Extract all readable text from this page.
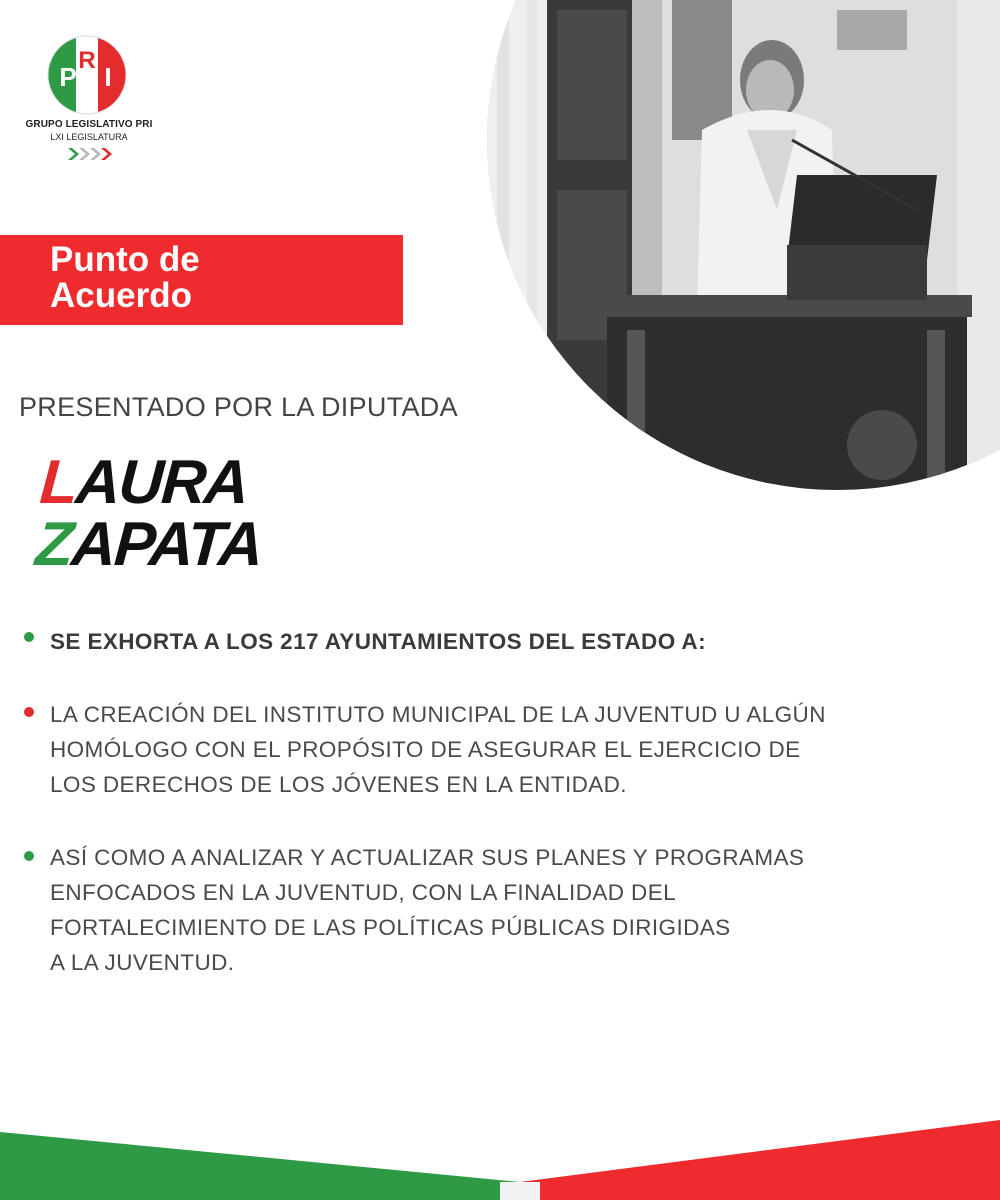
P
R
I
GRUPO LEGISLATIVO PRI
LXI LEGISLATURA
Punto de
Acuerdo
PRESENTADO POR LA DIPUTADA
LAURA
ZAPATA
SE EXHORTA A LOS 217 AYUNTAMIENTOS DEL ESTADO A:
LA CREACIÓN DEL INSTITUTO MUNICIPAL DE LA JUVENTUD U ALGÚN
HOMÓLOGO CON EL PROPÓSITO DE ASEGURAR EL EJERCICIO DE
LOS DERECHOS DE LOS JÓVENES EN LA ENTIDAD.
ASÍ COMO A ANALIZAR Y ACTUALIZAR SUS PLANES Y PROGRAMAS
ENFOCADOS EN LA JUVENTUD, CON LA FINALIDAD DEL
FORTALECIMIENTO DE LAS POLÍTICAS PÚBLICAS DIRIGIDAS
A LA JUVENTUD.
